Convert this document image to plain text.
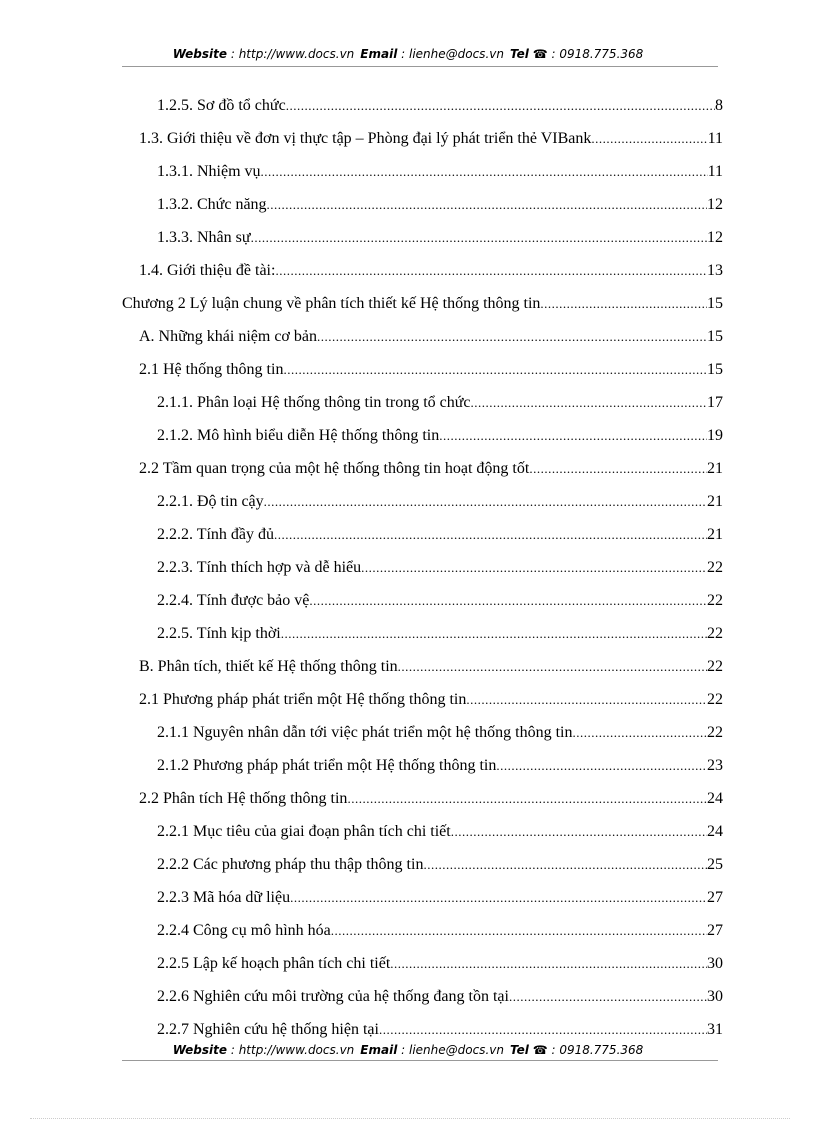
Website : http://www.docs.vn Email : lienhe@docs.vn Tel ☎ : 0918.775.368
1.2.5. Sơ đồ tổ chức .....	8
1.3. Giới thiệu về đơn vị thực tập – Phòng đại lý phát triển thẻ VIBank .....	11
1.3.1. Nhiệm vụ .....	11
1.3.2. Chức năng .....	12
1.3.3. Nhân sự .....	12
1.4. Giới thiệu đề tài: .....	13
Chương 2 Lý luận chung về phân tích thiết kế Hệ thống thông tin .....	15
A. Những khái niệm cơ bản .....	15
2.1 Hệ thống thông tin .....	15
2.1.1. Phân loại Hệ thống thông tin trong tổ chức .....	17
2.1.2. Mô hình biểu diễn Hệ thống thông tin .....	19
2.2 Tầm quan trọng của một hệ thống thông tin hoạt động tốt .....	21
2.2.1. Độ tin cậy .....	21
2.2.2. Tính đầy đủ .....	21
2.2.3. Tính thích hợp và dễ hiểu .....	22
2.2.4. Tính được bảo vệ .....	22
2.2.5. Tính kịp thời .....	22
B. Phân tích, thiết kế Hệ thống thông tin .....	22
2.1 Phương pháp phát triển một Hệ thống thông tin .....	22
2.1.1 Nguyên nhân dẫn tới việc phát triển một hệ thống thông tin .....	22
2.1.2 Phương pháp phát triển một Hệ thống thông tin .....	23
2.2 Phân tích Hệ thống thông tin .....	24
2.2.1 Mục tiêu của giai đoạn phân tích chi tiết .....	24
2.2.2 Các phương pháp thu thập thông tin .....	25
2.2.3 Mã hóa dữ liệu .....	27
2.2.4 Công cụ mô hình hóa .....	27
2.2.5 Lập kế hoạch phân tích chi tiết .....	30
2.2.6 Nghiên cứu môi trường của hệ thống đang tồn tại .....	30
2.2.7 Nghiên cứu hệ thống hiện tại .....	31
Website : http://www.docs.vn Email : lienhe@docs.vn Tel ☎ : 0918.775.368
